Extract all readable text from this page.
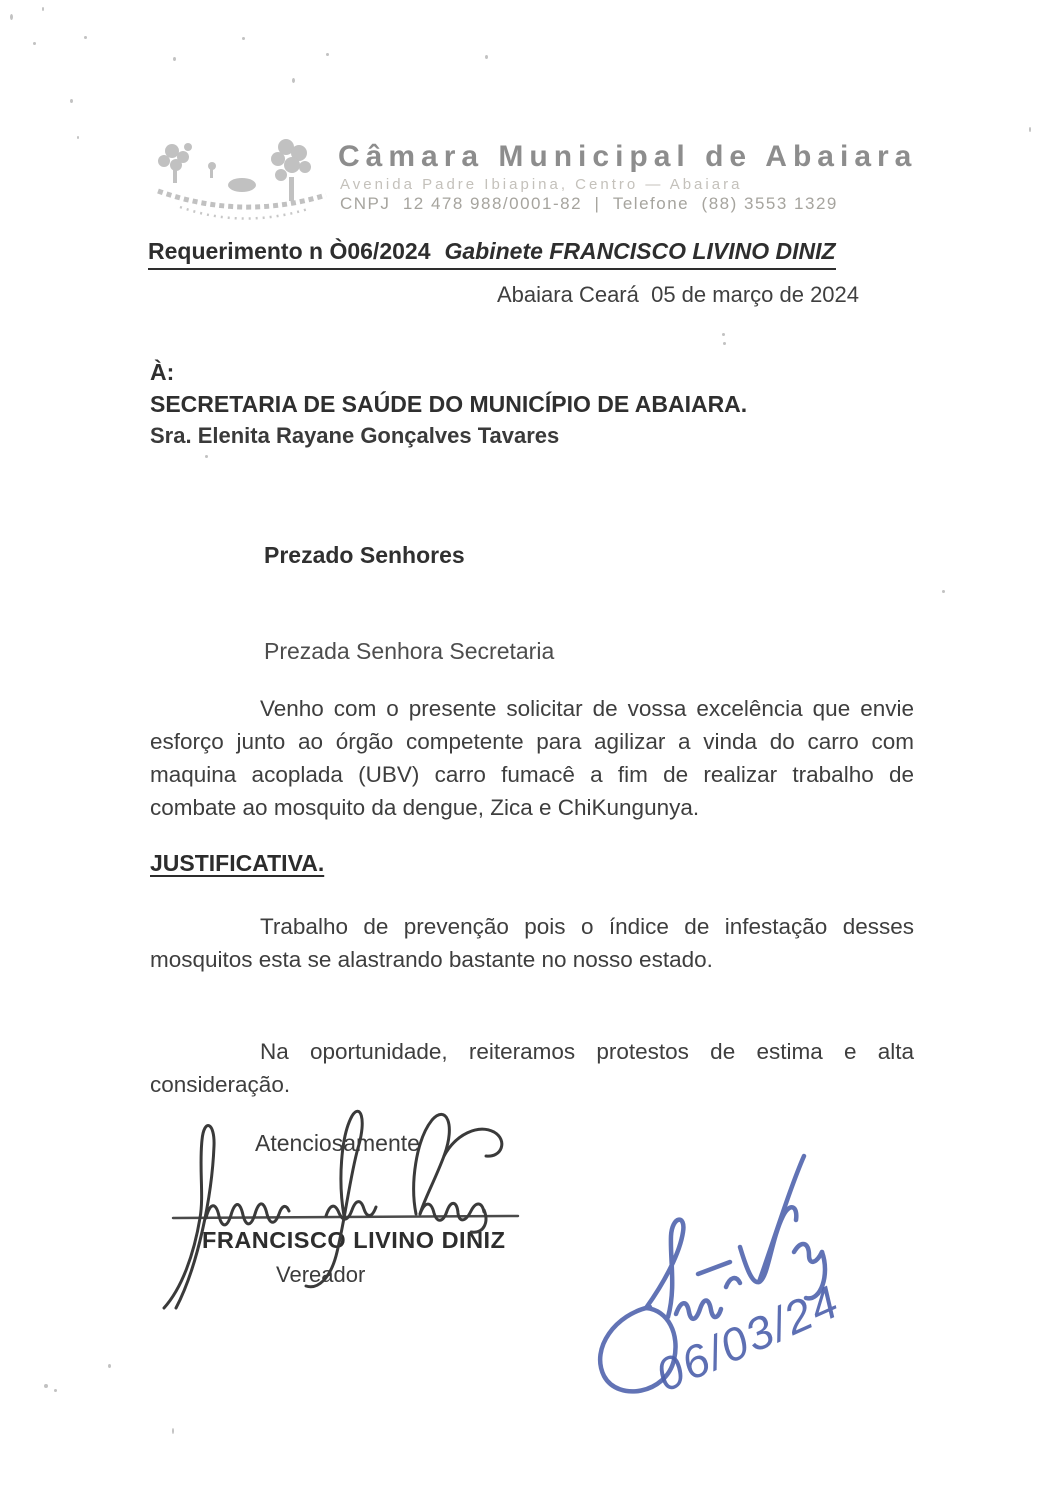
Câmara Municipal de Abaiara
Avenida Padre Ibiapina, Centro — Abaiara
CNPJ  12 478 988/0001-82  |  Telefone  (88) 3553 1329
Requerimento n Ò06/2024 Gabinete FRANCISCO LIVINO DINIZ
Abaiara Ceará  05 de março de 2024
À:
SECRETARIA DE SAÚDE DO MUNICÍPIO DE ABAIARA.
Sra. Elenita Rayane Gonçalves Tavares
Prezado Senhores
Prezada Senhora Secretaria
Venho com o presente solicitar de vossa excelência que envie esforço junto ao órgão competente para agilizar a vinda do carro com maquina acoplada (UBV) carro fumacê a fim de realizar trabalho de combate ao mosquito da dengue, Zica e ChiKungunya.
JUSTIFICATIVA.
Trabalho de prevenção pois o índice de infestação desses mosquitos esta se alastrando bastante no nosso estado.
Na oportunidade, reiteramos protestos de estima e alta consideração.
Atenciosamente
FRANCISCO LIVINO DINIZ
Vereador
06/03/24
